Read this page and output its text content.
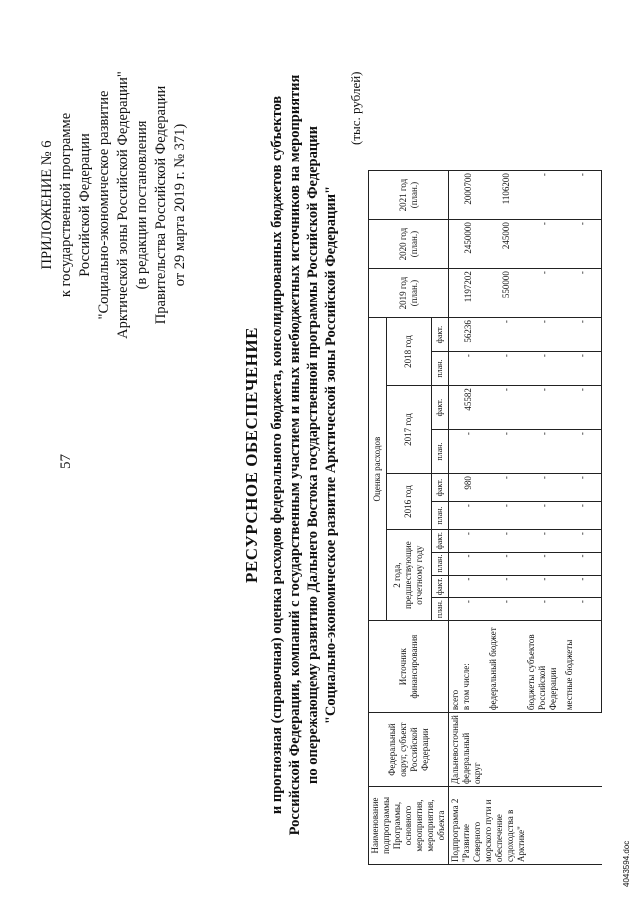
57
ПРИЛОЖЕНИЕ № 6 к государственной программе Российской Федерации "Социально-экономическое развитие Арктической зоны Российской Федерации" (в редакции постановления Правительства Российской Федерации от 29 марта 2019 г. № 371)
РЕСУРСНОЕ ОБЕСПЕЧЕНИЕ и прогнозная (справочная) оценка расходов федерального бюджета, консолидированных бюджетов субъектов Российской Федерации, компаний с государственным участием и иных внебюджетных источников на мероприятия по опережающему развитию Дальнего Востока государственной программы Российской Федерации "Социально-экономическое развитие Арктической зоны Российской Федерации"
(тыс. рублей)
Наименование подпрограммы Программы, основного мероприятия, мероприятия, объекта	Федеральный округ, субъект Российской Федерации	Источник финансирования	Оценка расходов										2019 год (план.)	2020 год (план.)	2021 год (план.)
			2 года, предшествующие отчетному году				2016 год		2017 год		2018 год				
			план.	факт.	план.	факт.	план.	факт.	план.	факт.	план.	факт.			
Подпрограмма 2 "Развитие Северного морского пути и обеспечение судоходства в Арктике"	Дальневосточный федеральный округ	всего
в том числе:	-	-	-	-	-	980	-	45582	-	56236	1197202	2450000	2000700
		федеральный бюджет	-	-	-	-	-	-	-	-	-	-	550000	245000	1106200
		бюджеты субъектов Российской Федерации	-	-	-	-	-	-	-	-	-	-	-	-	-
		местные бюджеты	-	-	-	-	-	-	-	-	-	-	-	-	-
4043594.doc
